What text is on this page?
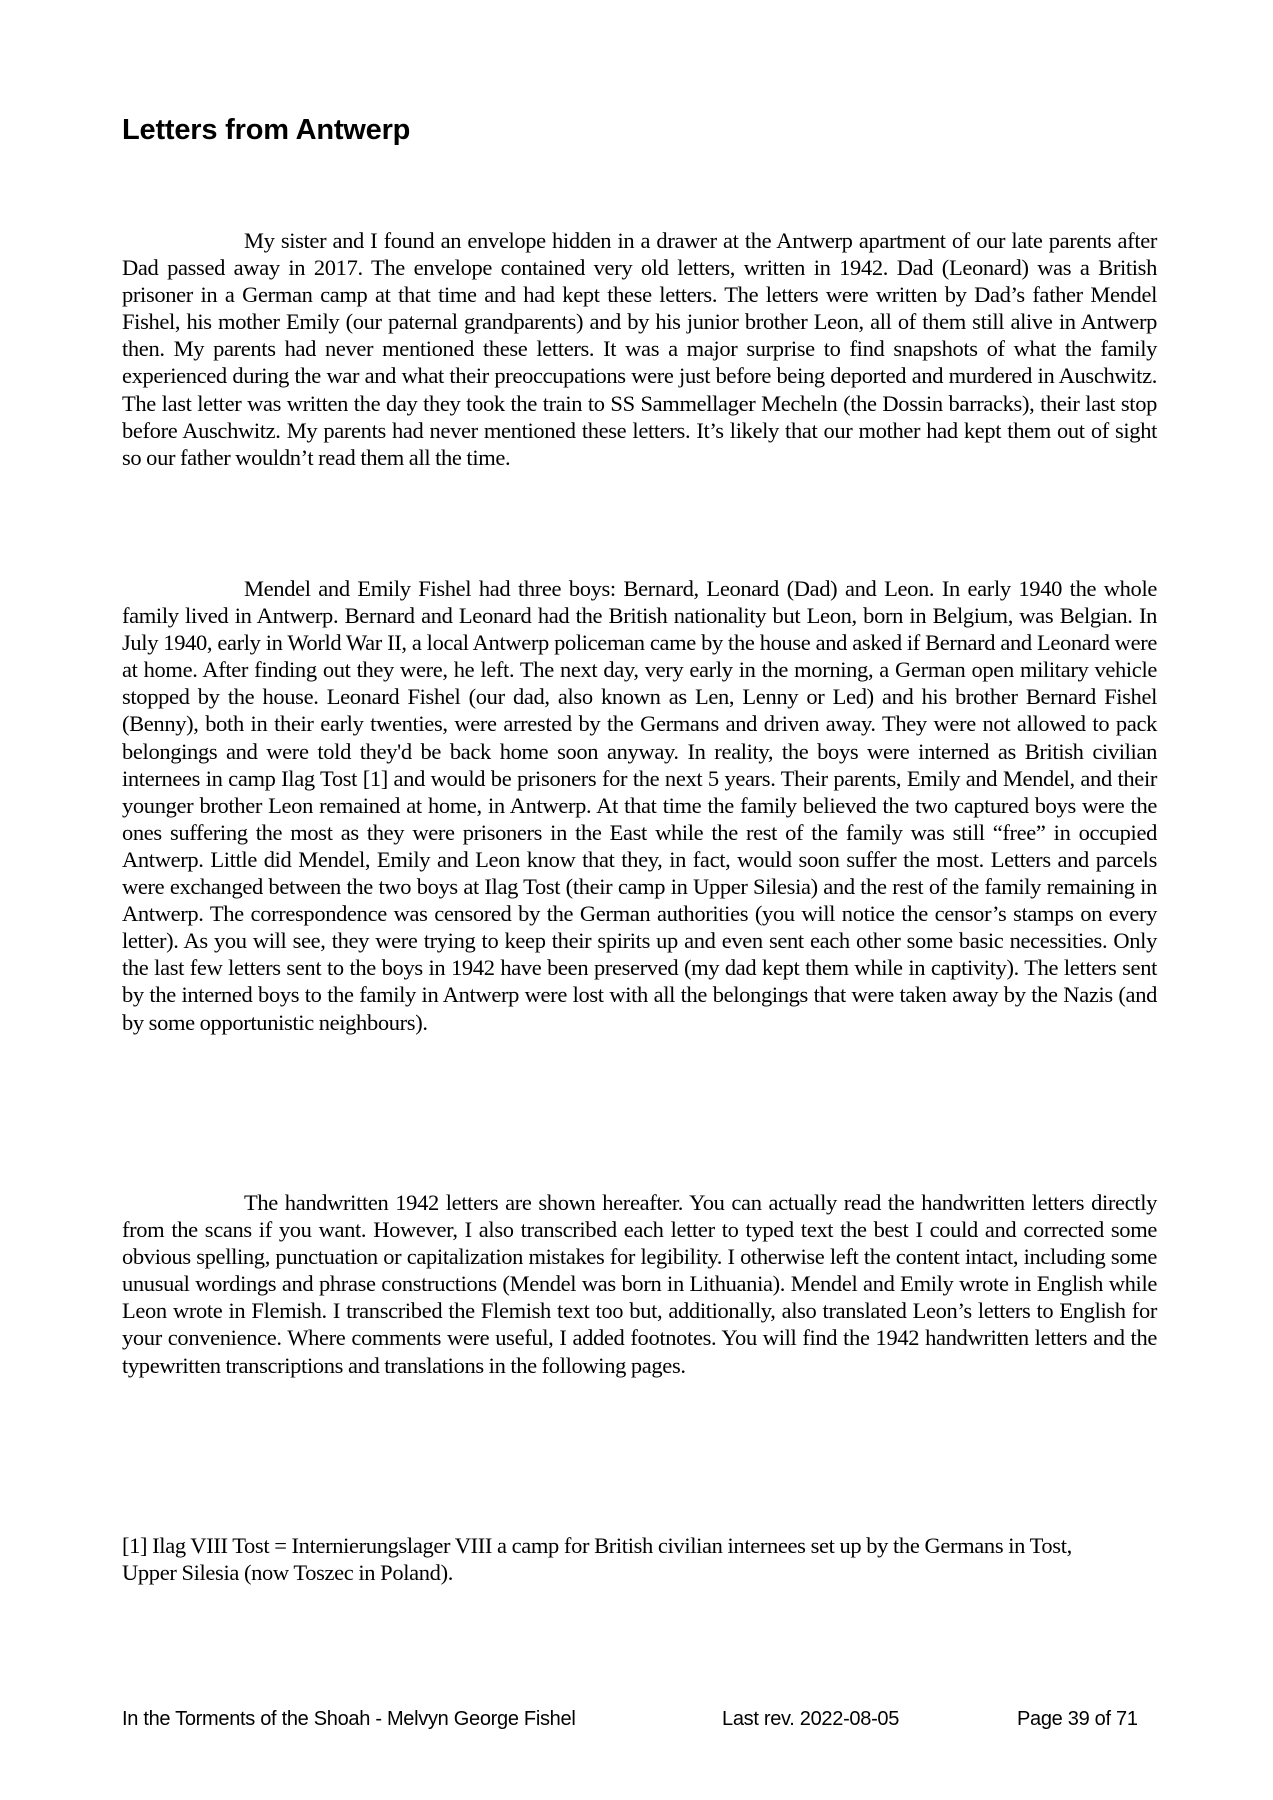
Letters from Antwerp

My sister and I found an envelope hidden in a drawer at the Antwerp apartment of our late parents after Dad passed away in 2017. The envelope contained very old letters, written in 1942. Dad (Leonard) was a British prisoner in a German camp at that time and had kept these letters. The letters were written by Dad’s father Mendel Fishel, his mother Emily (our paternal grandparents) and by his junior brother Leon, all of them still alive in Antwerp then. My parents had never mentioned these letters. It was a major surprise to find snapshots of what the family experienced during the war and what their preoccupations were just before being deported and murdered in Auschwitz. The last letter was written the day they took the train to SS Sammellager Mecheln (the Dossin barracks), their last stop before Auschwitz. My parents had never mentioned these letters. It’s likely that our mother had kept them out of sight so our father wouldn’t read them all the time.

Mendel and Emily Fishel had three boys: Bernard, Leonard (Dad) and Leon. In early 1940 the whole family lived in Antwerp. Bernard and Leonard had the British nationality but Leon, born in Belgium, was Belgian. In July 1940, early in World War II, a local Antwerp policeman came by the house and asked if Bernard and Leonard were at home. After finding out they were, he left. The next day, very early in the morning, a German open military vehicle stopped by the house. Leonard Fishel (our dad, also known as Len, Lenny or Led) and his brother Bernard Fishel (Benny), both in their early twenties, were arrested by the Germans and driven away. They were not allowed to pack belongings and were told they'd be back home soon anyway. In reality, the boys were interned as British civilian internees in camp Ilag Tost [1] and would be prisoners for the next 5 years. Their parents, Emily and Mendel, and their younger brother Leon remained at home, in Antwerp. At that time the family believed the two captured boys were the ones suffering the most as they were prisoners in the East while the rest of the family was still “free” in occupied Antwerp. Little did Mendel, Emily and Leon know that they, in fact, would soon suffer the most. Letters and parcels were exchanged between the two boys at Ilag Tost (their camp in Upper Silesia) and the rest of the family remaining in Antwerp. The correspondence was censored by the German authorities (you will notice the censor’s stamps on every letter). As you will see, they were trying to keep their spirits up and even sent each other some basic necessities. Only the last few letters sent to the boys in 1942 have been preserved (my dad kept them while in captivity). The letters sent by the interned boys to the family in Antwerp were lost with all the belongings that were taken away by the Nazis (and by some opportunistic neighbours).

The handwritten 1942 letters are shown hereafter. You can actually read the handwritten letters directly from the scans if you want. However, I also transcribed each letter to typed text the best I could and corrected some obvious spelling, punctuation or capitalization mistakes for legibility. I otherwise left the content intact, including some unusual wordings and phrase constructions (Mendel was born in Lithuania). Mendel and Emily wrote in English while Leon wrote in Flemish. I transcribed the Flemish text too but, additionally, also translated Leon’s letters to English for your convenience. Where comments were useful, I added footnotes. You will find the 1942 handwritten letters and the typewritten transcriptions and translations in the following pages.

[1] Ilag VIII Tost = Internierungslager VIII a camp for British civilian internees set up by the Germans in Tost, Upper Silesia (now Toszec in Poland).

In the Torments of the Shoah - Melvyn George Fishel	Last rev. 2022-08-05	Page 39 of 71
